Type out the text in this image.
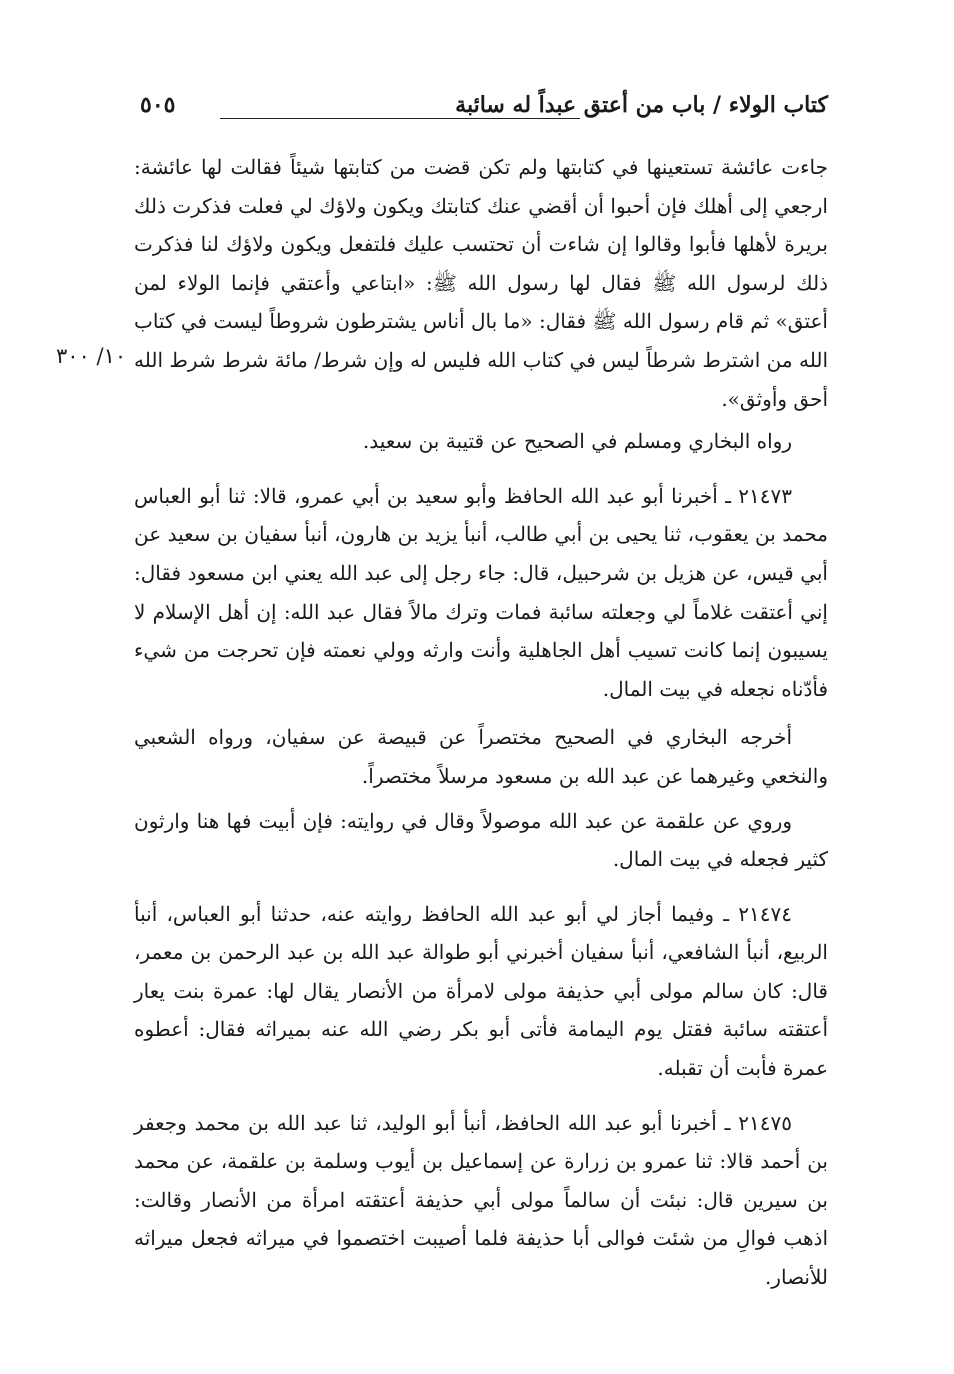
كتاب الولاء / باب من أعتق عبداً له سائبة
٥٠٥
١٠/ ٣٠٠

جاءت عائشة تستعينها في كتابتها ولم تكن قضت من كتابتها شيئاً فقالت لها عائشة: ارجعي إلى أهلك فإن أحبوا أن أقضي عنك كتابتك ويكون ولاؤك لي فعلت فذكرت ذلك بريرة لأهلها فأبوا وقالوا إن شاءت أن تحتسب عليك فلتفعل ويكون ولاؤك لنا فذكرت ذلك لرسول الله ﷺ فقال لها رسول الله ﷺ: «ابتاعي وأعتقي فإنما الولاء لمن أعتق» ثم قام رسول الله ﷺ فقال: «ما بال أناس يشترطون شروطاً ليست في كتاب الله من اشترط شرطاً ليس في كتاب الله فليس له وإن شرط/ مائة شرط شرط الله أحق وأوثق».

رواه البخاري ومسلم في الصحيح عن قتيبة بن سعيد.

٢١٤٧٣ ـ أخبرنا أبو عبد الله الحافظ وأبو سعيد بن أبي عمرو، قالا: ثنا أبو العباس محمد بن يعقوب، ثنا يحيى بن أبي طالب، أنبأ يزيد بن هارون، أنبأ سفيان بن سعيد عن أبي قيس، عن هزيل بن شرحبيل، قال: جاء رجل إلى عبد الله يعني ابن مسعود فقال: إني أعتقت غلاماً لي وجعلته سائبة فمات وترك مالاً فقال عبد الله: إن أهل الإسلام لا يسيبون إنما كانت تسيب أهل الجاهلية وأنت وارثه وولي نعمته فإن تحرجت من شيء فأدّناه نجعله في بيت المال.

أخرجه البخاري في الصحيح مختصراً عن قبيصة عن سفيان، ورواه الشعبي والنخعي وغيرهما عن عبد الله بن مسعود مرسلاً مختصراً.

وروي عن علقمة عن عبد الله موصولاً وقال في روايته: فإن أبيت فها هنا وارثون كثير فجعله في بيت المال.

٢١٤٧٤ ـ وفيما أجاز لي أبو عبد الله الحافظ روايته عنه، حدثنا أبو العباس، أنبأ الربيع، أنبأ الشافعي، أنبأ سفيان أخبرني أبو طوالة عبد الله بن عبد الرحمن بن معمر، قال: كان سالم مولى أبي حذيفة مولى لامرأة من الأنصار يقال لها: عمرة بنت يعار أعتقته سائبة فقتل يوم اليمامة فأتى أبو بكر رضي الله عنه بميراثه فقال: أعطوه عمرة فأبت أن تقبله.

٢١٤٧٥ ـ أخبرنا أبو عبد الله الحافظ، أنبأ أبو الوليد، ثنا عبد الله بن محمد وجعفر بن أحمد قالا: ثنا عمرو بن زرارة عن إسماعيل بن أيوب وسلمة بن علقمة، عن محمد بن سيرين قال: نبئت أن سالماً مولى أبي حذيفة أعتقته امرأة من الأنصار وقالت: اذهب فوالِ من شئت فوالى أبا حذيفة فلما أصيبت اختصموا في ميراثه فجعل ميراثه للأنصار.
